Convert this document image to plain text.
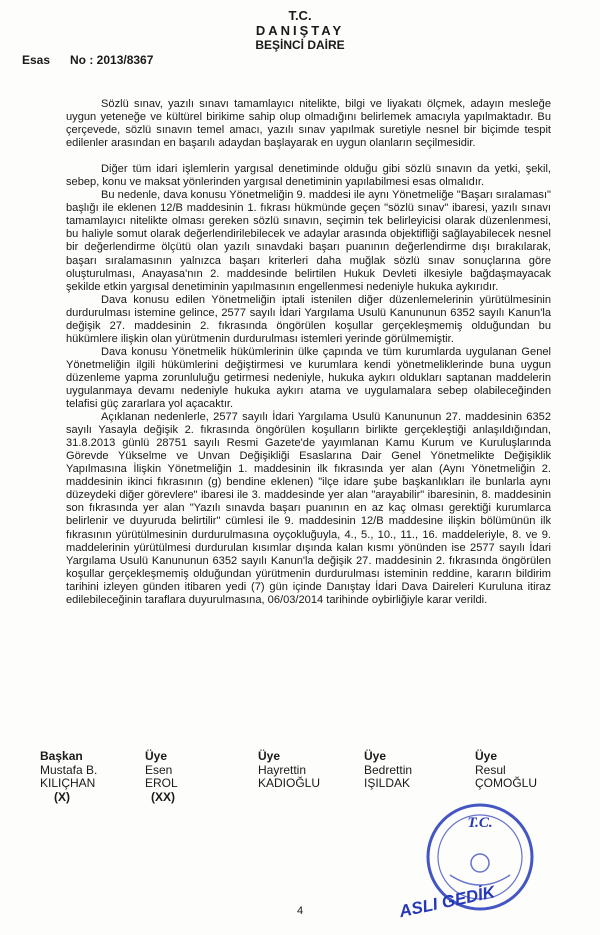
T.C.
DANIŞTAY
BEŞİNCİ DAİRE
Esas No : 2013/8367

Sözlü sınav, yazılı sınavı tamamlayıcı nitelikte, bilgi ve liyakatı ölçmek, adayın mesleğe uygun yeteneğe ve kültürel birikime sahip olup olmadığını belirlemek amacıyla yapılmaktadır. Bu çerçevede, sözlü sınavın temel amacı, yazılı sınav yapılmak suretiyle nesnel bir biçimde tespit edilenler arasından en başarılı adaydan başlayarak en uygun olanların seçilmesidir.

Diğer tüm idari işlemlerin yargısal denetiminde olduğu gibi sözlü sınavın da yetki, şekil, sebep, konu ve maksat yönlerinden yargısal denetiminin yapılabilmesi esas olmalıdır.

Bu nedenle, dava konusu Yönetmeliğin 9. maddesi ile aynı Yönetmeliğe "Başarı sıralaması" başlığı ile eklenen 12/B maddesinin 1. fıkrası hükmünde geçen "sözlü sınav" ibaresi, yazılı sınavı tamamlayıcı nitelikte olması gereken sözlü sınavın, seçimin tek belirleyicisi olarak düzenlenmesi, bu haliyle somut olarak değerlendirilebilecek ve adaylar arasında objektifliği sağlayabilecek nesnel bir değerlendirme ölçütü olan yazılı sınavdaki başarı puanının değerlendirme dışı bırakılarak, başarı sıralamasının yalnızca başarı kriterleri daha muğlak sözlü sınav sonuçlarına göre oluşturulması, Anayasa'nın 2. maddesinde belirtilen Hukuk Devleti ilkesiyle bağdaşmayacak şekilde etkin yargısal denetiminin yapılmasının engellenmesi nedeniyle hukuka aykırıdır.

Dava konusu edilen Yönetmeliğin iptali istenilen diğer düzenlemelerinin yürütülmesinin durdurulması istemine gelince, 2577 sayılı İdari Yargılama Usulü Kanununun 6352 sayılı Kanun'la değişik 27. maddesinin 2. fıkrasında öngörülen koşullar gerçekleşmemiş olduğundan bu hükümlere ilişkin olan yürütmenin durdurulması istemleri yerinde görülmemiştir.

Dava konusu Yönetmelik hükümlerinin ülke çapında ve tüm kurumlarda uygulanan Genel Yönetmeliğin ilgili hükümlerini değiştirmesi ve kurumlara kendi yönetmeliklerinde buna uygun düzenleme yapma zorunluluğu getirmesi nedeniyle, hukuka aykırı oldukları saptanan maddelerin uygulanmaya devamı nedeniyle hukuka aykırı atama ve uygulamalara sebep olabileceğinden telafisi güç zararlara yol açacaktır.

Açıklanan nedenlerle, 2577 sayılı İdari Yargılama Usulü Kanununun 27. maddesinin 6352 sayılı Yasayla değişik 2. fıkrasında öngörülen koşulların birlikte gerçekleştiği anlaşıldığından, 31.8.2013 günlü 28751 sayılı Resmi Gazete'de yayımlanan Kamu Kurum ve Kuruluşlarında Görevde Yükselme ve Unvan Değişikliği Esaslarına Dair Genel Yönetmelikte Değişiklik Yapılmasına İlişkin Yönetmeliğin 1. maddesinin ilk fıkrasında yer alan (Aynı Yönetmeliğin 2. maddesinin ikinci fıkrasının (g) bendine eklenen) "ilçe idare şube başkanlıkları ile bunlarla aynı düzeydeki diğer görevlere" ibaresi ile 3. maddesinde yer alan "arayabilir" ibaresinin, 8. maddesinin son fıkrasında yer alan "Yazılı sınavda başarı puanının en az kaç olması gerektiği kurumlarca belirlenir ve duyuruda belirtilir" cümlesi ile 9. maddesinin 12/B maddesine ilişkin bölümünün ilk fıkrasının yürütülmesinin durdurulmasına oyçokluğuyla, 4., 5., 10., 11., 16. maddeleriyle, 8. ve 9. maddelerinin yürütülmesi durdurulan kısımlar dışında kalan kısmı yönünden ise 2577 sayılı İdari Yargılama Usulü Kanununun 6352 sayılı Kanun'la değişik 27. maddesinin 2. fıkrasında öngörülen koşullar gerçekleşmemiş olduğundan yürütmenin durdurulması isteminin reddine, kararın bildirim tarihini izleyen günden itibaren yedi (7) gün içinde Danıştay İdari Dava Daireleri Kuruluna itiraz edilebileceğinin taraflara duyurulmasına, 06/03/2014 tarihinde oybirliğiyle karar verildi.

Başkan
Mustafa B.
KILIÇHAN
(X)
Üye
Esen
EROL
(XX)
Üye
Hayrettin
KADIOĞLU
Üye
Bedrettin
IŞILDAK
Üye
Resul
ÇOMOĞLU
T.C.
ASLI GEDİK
4
